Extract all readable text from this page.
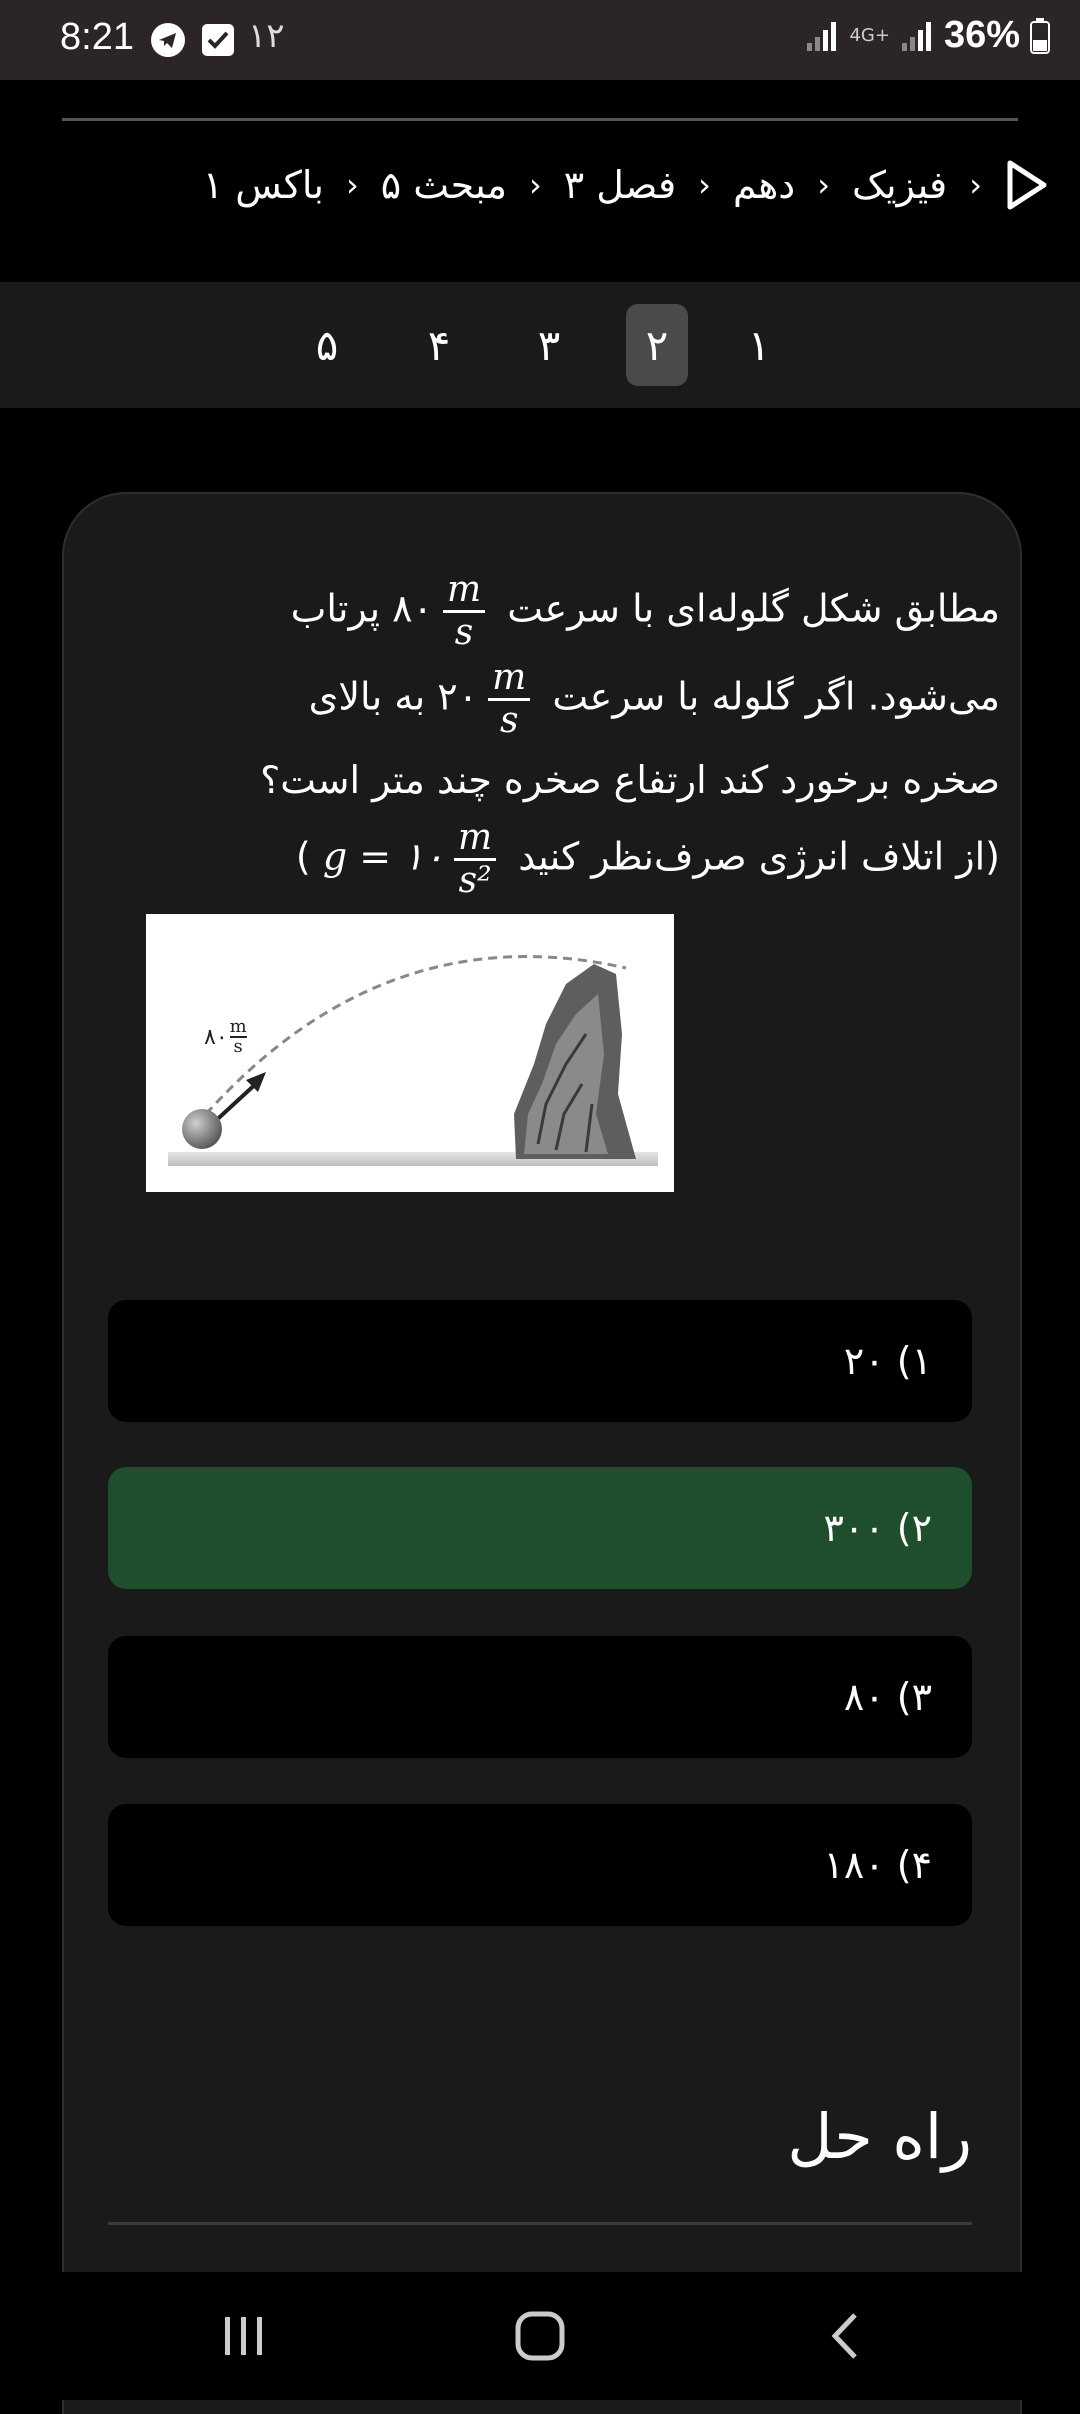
8:21	۱۲	4G+ 36%
‹
فیزیک
‹
دهم
‹
فصل ۳
‹
مبحث ۵
‹
باکس ۱
۱
۲
۳
۴
۵
مطابق شکل گلوله‌ای با سرعت
$\frac{m}{s}$
۸۰ پرتاب
می‌شود. اگر گلوله با سرعت
$\frac{m}{s}$
۲۰ به بالای
صخره برخورد کند ارتفاع صخره چند متر است؟
(از اتلاف انرژی صرف‌نظر کنید
$\frac{m}{\text{s²}}$
g = ۱۰ )
۸۰ m
s
۱) ۲۰
۲) ۳۰۰
۳) ۸۰
۴) ۱۸۰
راه حل
